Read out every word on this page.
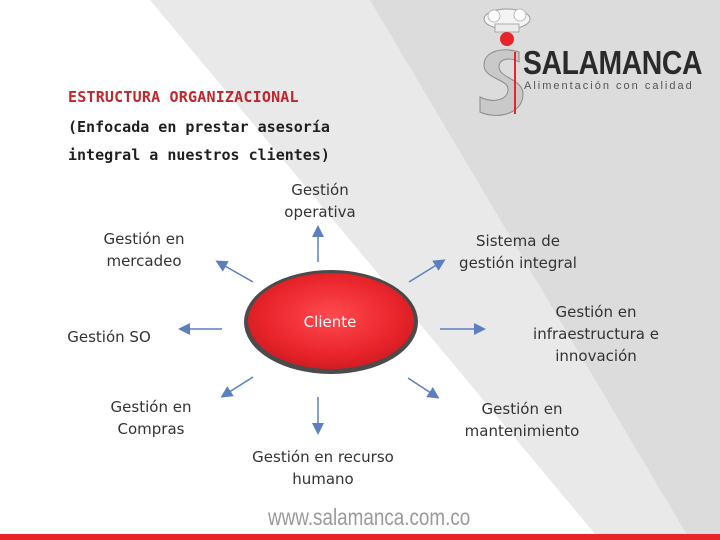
ESTRUCTURA ORGANIZACIONAL
(Enfocada en prestar asesoría
integral a nuestros clientes)
SALAMANCA
Alimentación con calidad
Cliente
Gestión
operativa
Gestión en
mercadeo
Sistema de
gestión integral
Gestión SO
Gestión en
infraestructura e
innovación
Gestión en
Compras
Gestión en
mantenimiento
Gestión en recurso
humano
www.salamanca.com.co
